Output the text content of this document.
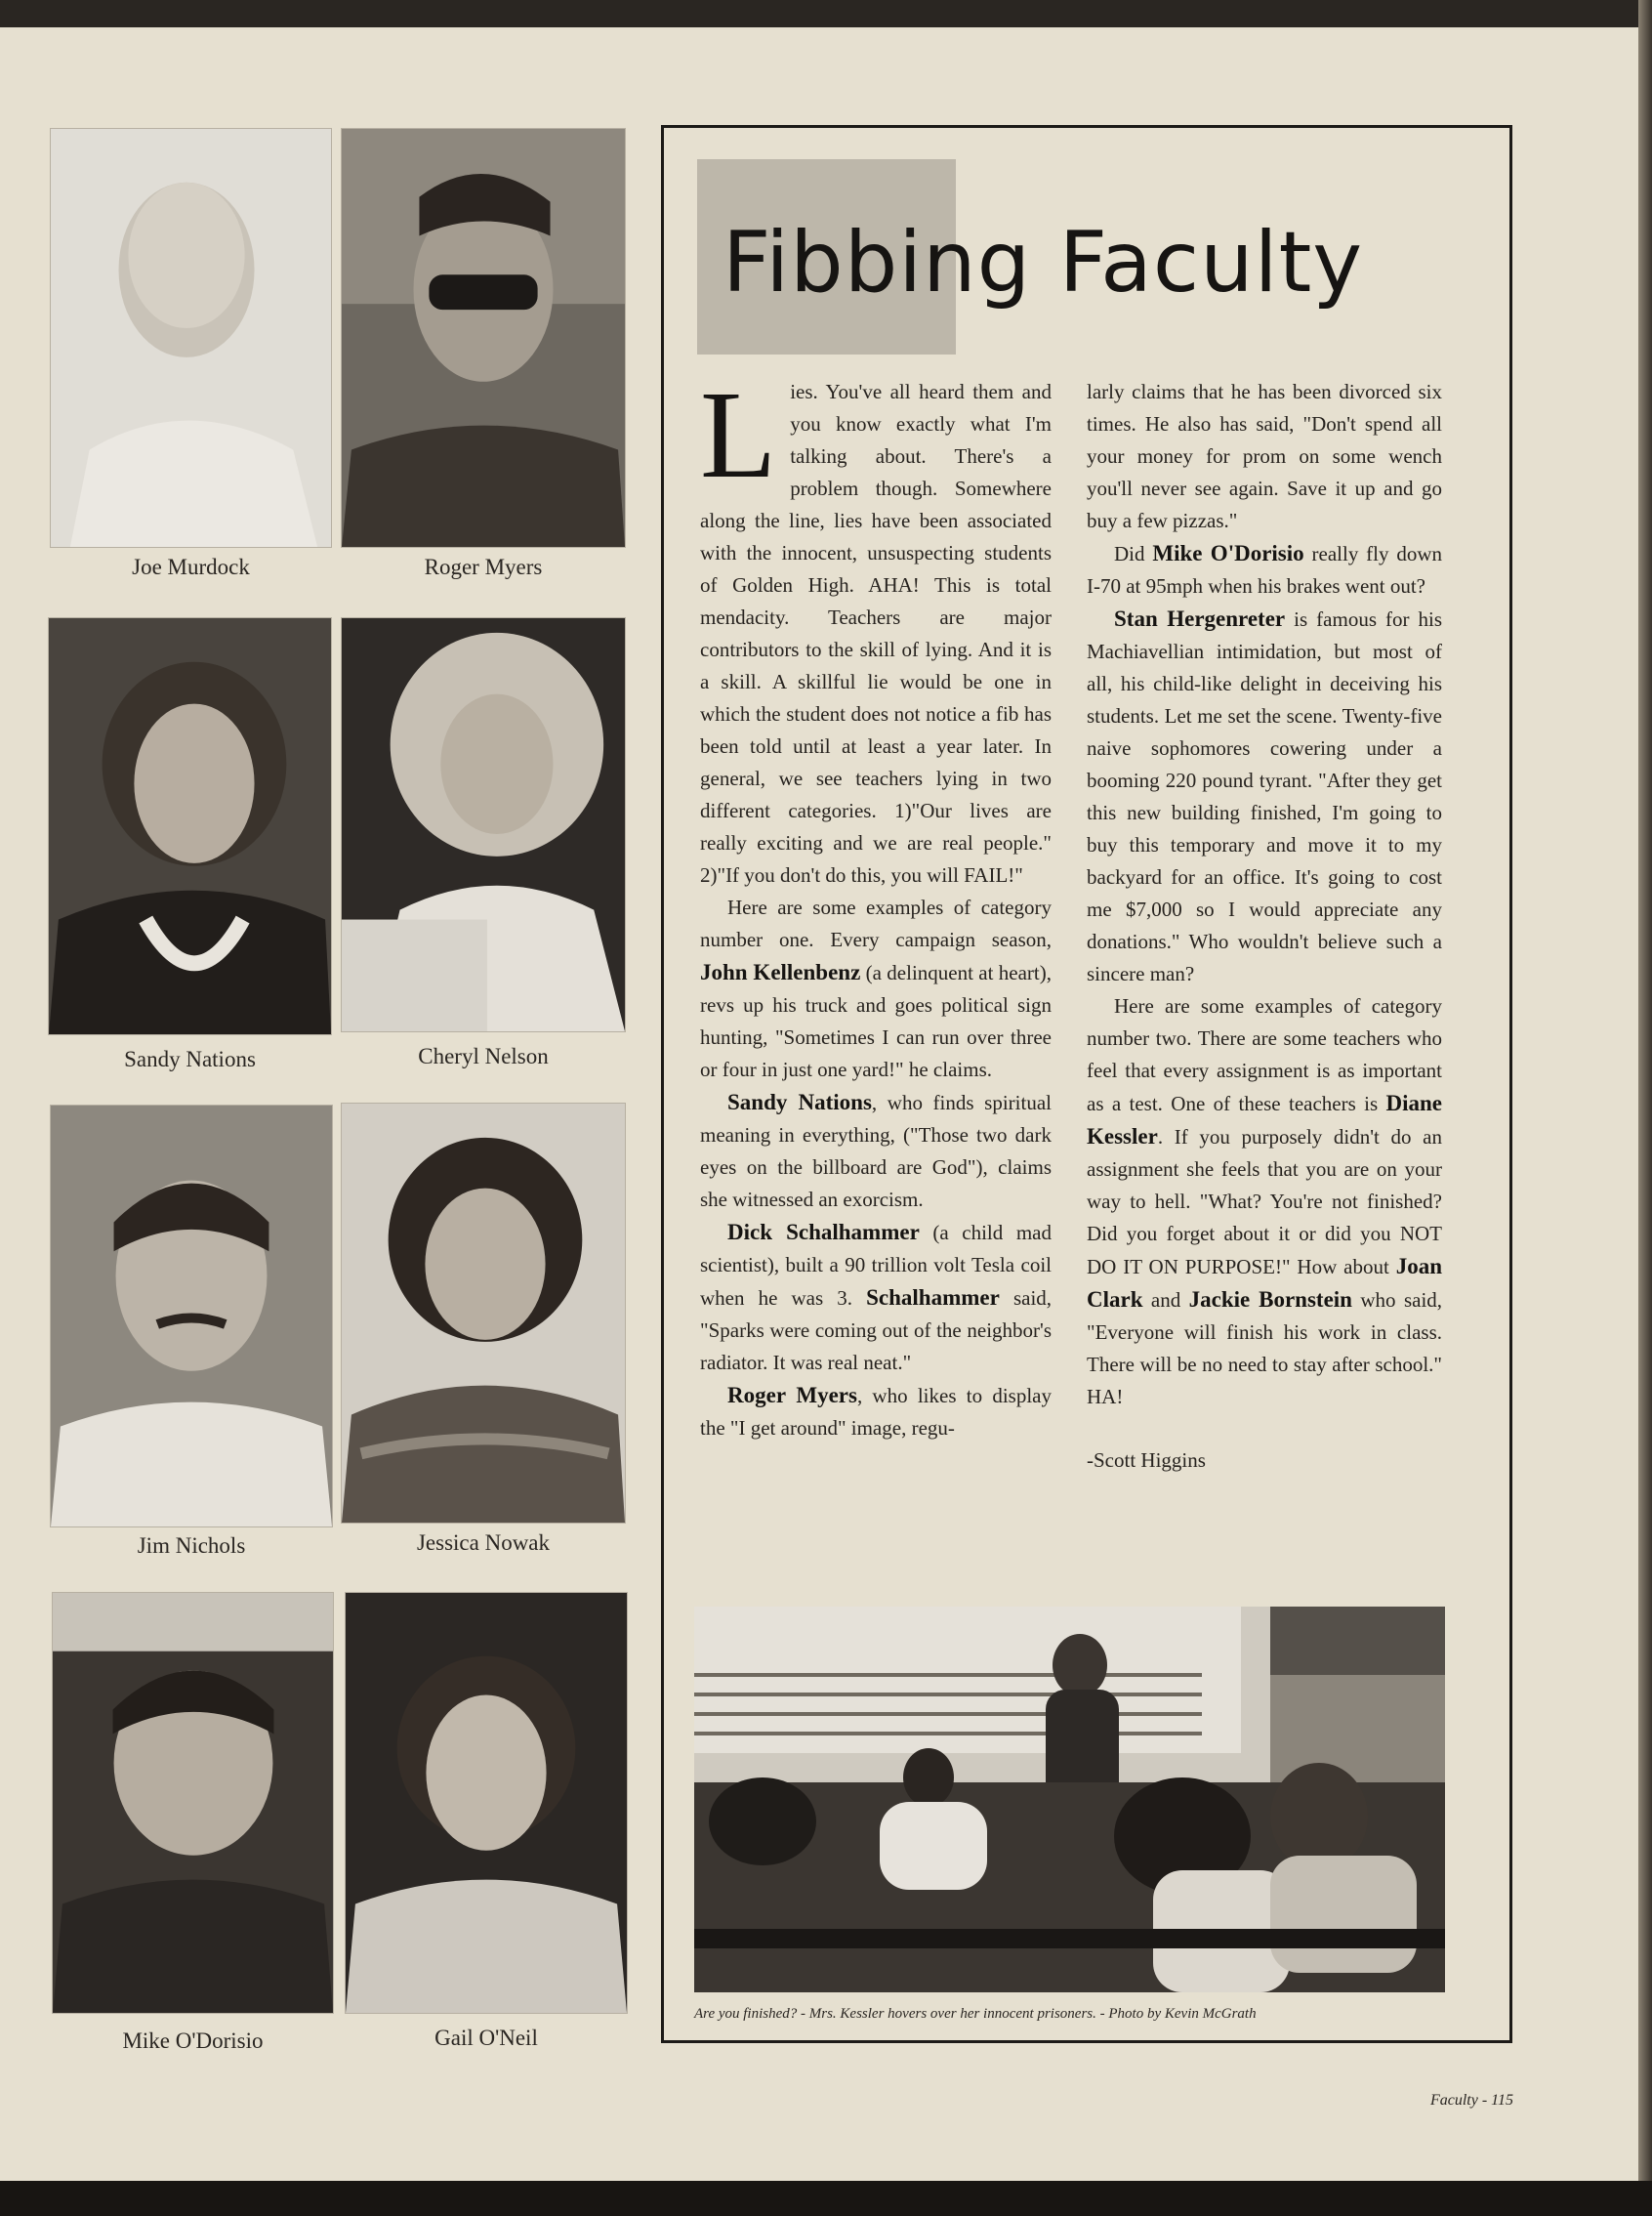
Joe Murdock	Roger Myers
Sandy Nations	Cheryl Nelson
Jim Nichols	Jessica Nowak
Mike O'Dorisio	Gail O'Neil
Fibbing Faculty

Lies. You've all heard them and you know exactly what I'm talking about. There's a problem though. Somewhere along the line, lies have been associated with the innocent, unsuspecting students of Golden High. AHA! This is total mendacity. Teachers are major contributors to the skill of lying. And it is a skill. A skillful lie would be one in which the student does not notice a fib has been told until at least a year later. In general, we see teachers lying in two different categories. 1)"Our lives are really exciting and we are real people." 2)"If you don't do this, you will FAIL!"

Here are some examples of category number one. Every campaign season, John Kellenbenz (a delinquent at heart), revs up his truck and goes political sign hunting, "Sometimes I can run over three or four in just one yard!" he claims.

Sandy Nations, who finds spiritual meaning in everything, ("Those two dark eyes on the billboard are God"), claims she witnessed an exorcism.

Dick Schalhammer (a child mad scientist), built a 90 trillion volt Tesla coil when he was 3. Schalhammer said, "Sparks were coming out of the neighbor's radiator. It was real neat."

Roger Myers, who likes to display the "I get around" image, regu-

larly claims that he has been divorced six times. He also has said, "Don't spend all your money for prom on some wench you'll never see again. Save it up and go buy a few pizzas."

Did Mike O'Dorisio really fly down I-70 at 95mph when his brakes went out?

Stan Hergenreter is famous for his Machiavellian intimidation, but most of all, his child-like delight in deceiving his students. Let me set the scene. Twenty-five naive sophomores cowering under a booming 220 pound tyrant. "After they get this new building finished, I'm going to buy this temporary and move it to my backyard for an office. It's going to cost me $7,000 so I would appreciate any donations." Who wouldn't believe such a sincere man?

Here are some examples of category number two. There are some teachers who feel that every assignment is as important as a test. One of these teachers is Diane Kessler. If you purposely didn't do an assignment she feels that you are on your way to hell. "What? You're not finished? Did you forget about it or did you NOT DO IT ON PURPOSE!" How about Joan Clark and Jackie Bornstein who said, "Everyone will finish his work in class. There will be no need to stay after school." HA!

-Scott Higgins

Are you finished? - Mrs. Kessler hovers over her innocent prisoners. - Photo by Kevin McGrath
Faculty - 115
